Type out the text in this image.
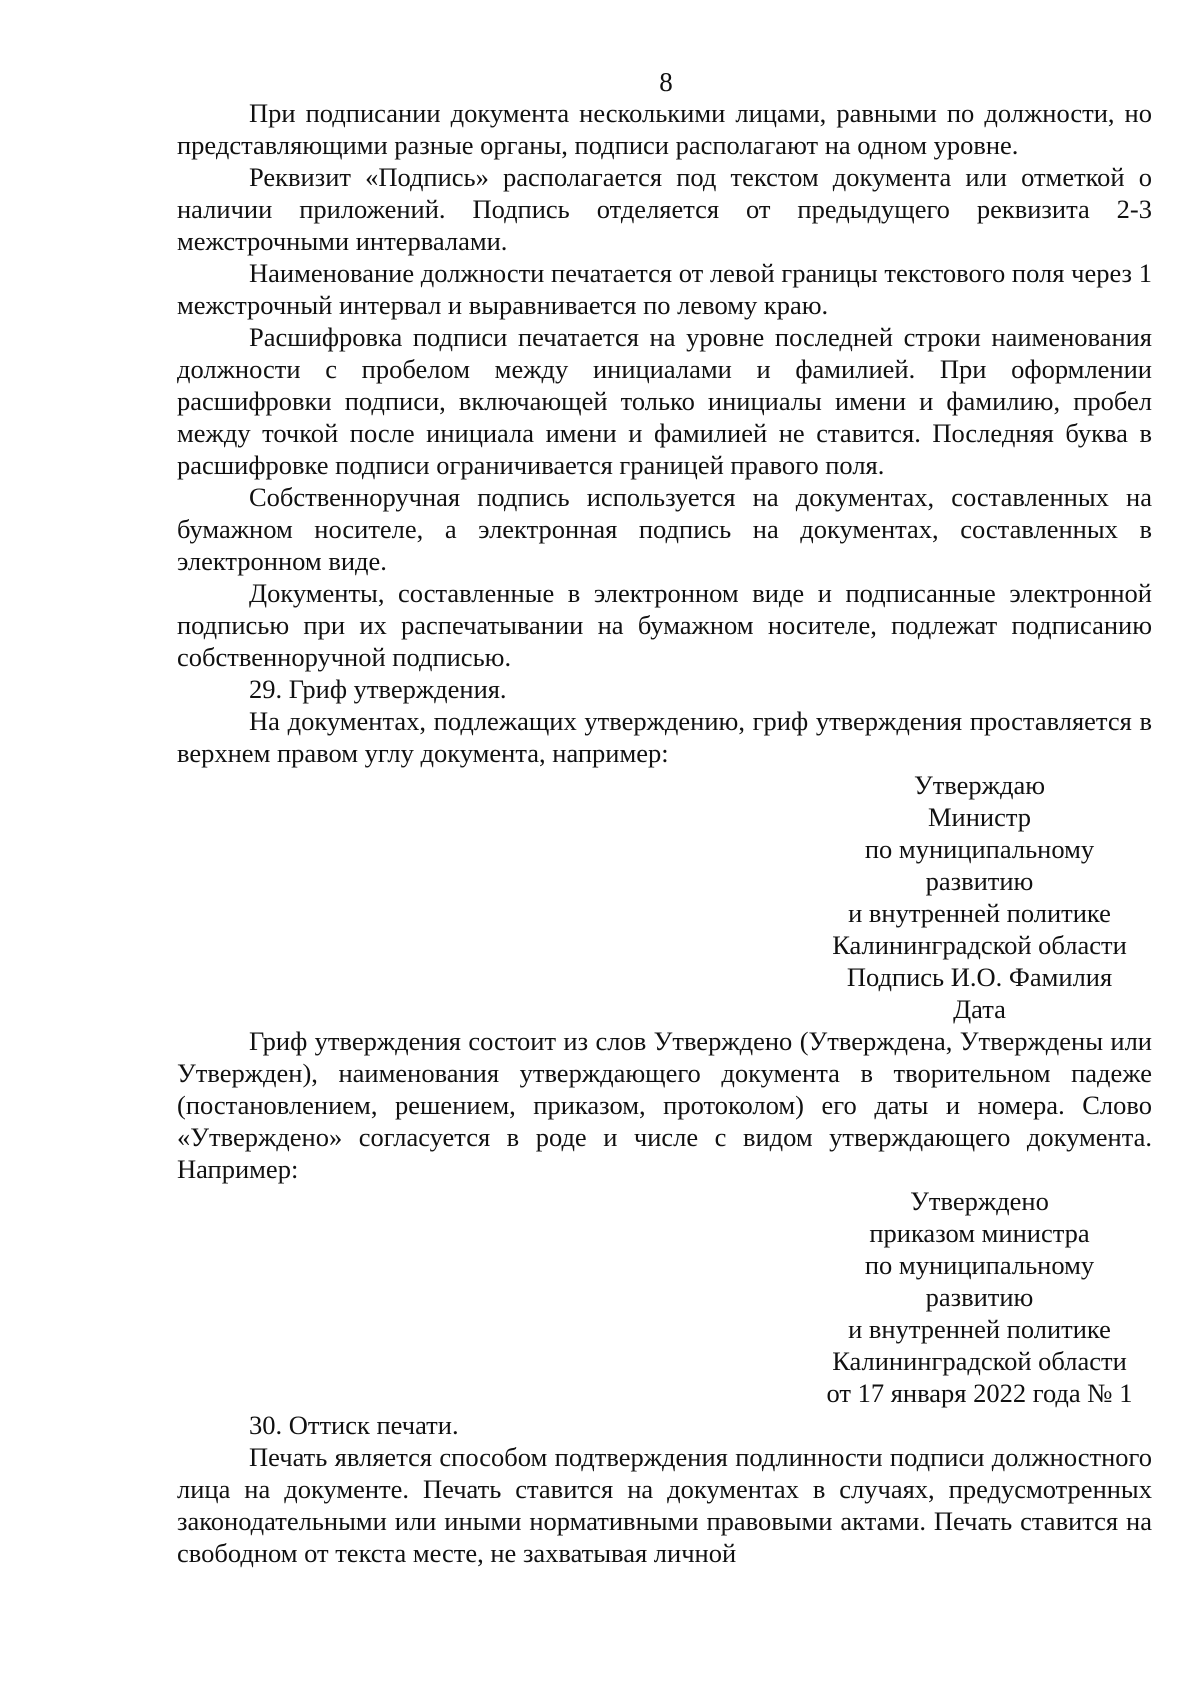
8

При подписании документа несколькими лицами, равными по должности, но представляющими разные органы, подписи располагают на одном уровне.

Реквизит «Подпись» располагается под текстом документа или отметкой о наличии приложений. Подпись отделяется от предыдущего реквизита 2-3 межстрочными интервалами.

Наименование должности печатается от левой границы текстового поля через 1 межстрочный интервал и выравнивается по левому краю.

Расшифровка подписи печатается на уровне последней строки наименования должности с пробелом между инициалами и фамилией. При оформлении расшифровки подписи, включающей только инициалы имени и фамилию, пробел между точкой после инициала имени и фамилией не ставится. Последняя буква в расшифровке подписи ограничивается границей правого поля.

Собственноручная подпись используется на документах, составленных на бумажном носителе, а электронная подпись на документах, составленных в электронном виде.

Документы, составленные в электронном виде и подписанные электронной подписью при их распечатывании на бумажном носителе, подлежат подписанию собственноручной подписью.

29. Гриф утверждения.

На документах, подлежащих утверждению, гриф утверждения проставляется в верхнем правом углу документа, например:

Утверждаю
Министр
по муниципальному
развитию
и внутренней политике
Калининградской области
Подпись И.О. Фамилия
Дата

Гриф утверждения состоит из слов Утверждено (Утверждена, Утверждены или Утвержден), наименования утверждающего документа в творительном падеже (постановлением, решением, приказом, протоколом) его даты и номера. Слово «Утверждено» согласуется в роде и числе с видом утверждающего документа. Например:

Утверждено
приказом министра
по муниципальному
развитию
и внутренней политике
Калининградской области
от 17 января 2022 года № 1

30. Оттиск печати.

Печать является способом подтверждения подлинности подписи должностного лица на документе. Печать ставится на документах в случаях, предусмотренных законодательными или иными нормативными правовыми актами. Печать ставится на свободном от текста месте, не захватывая личной
